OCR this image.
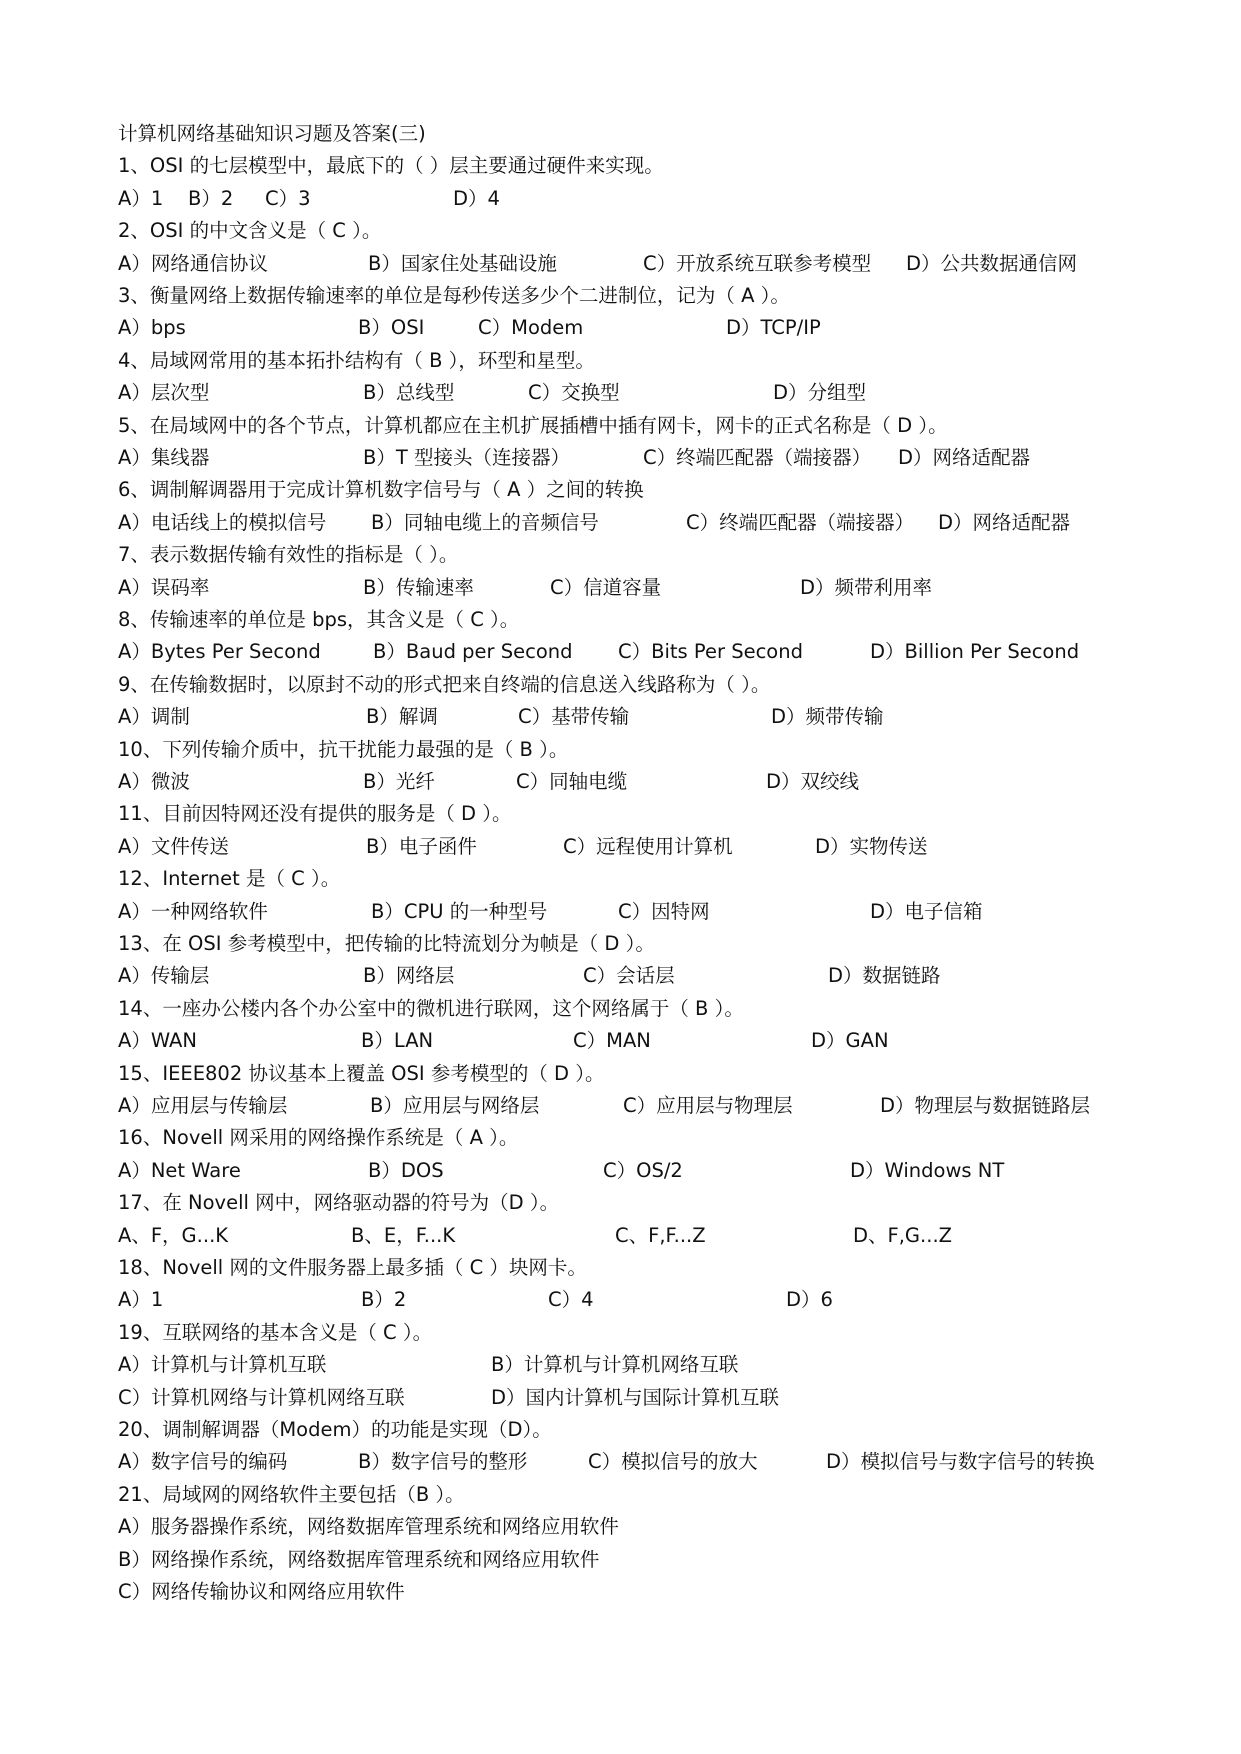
计算机网络基础知识习题及答案(三)
1、OSI 的七层模型中，最底下的（ ）层主要通过硬件来实现。
A）1 B）2 C）3	D）4
2、OSI 的中文含义是（ C ）。
A）网络通信协议	B）国家住处基础设施	C）开放系统互联参考模型 D）公共数据通信网
3、衡量网络上数据传输速率的单位是每秒传送多少个二进制位，记为（ A ）。
A）bps	B）OSI	C）Modem	D）TCP/IP
4、局域网常用的基本拓扑结构有（ B ），环型和星型。
A）层次型	B）总线型	C）交换型	D）分组型
5、在局域网中的各个节点，计算机都应在主机扩展插槽中插有网卡，网卡的正式名称是（ D ）。
A）集线器	B）T 型接头（连接器）	C）终端匹配器（端接器） D）网络适配器
6、调制解调器用于完成计算机数字信号与（ A ）之间的转换
A）电话线上的模拟信号 B）同轴电缆上的音频信号	C）终端匹配器（端接器） D）网络适配器
7、表示数据传输有效性的指标是（ ）。
A）误码率	B）传输速率	C）信道容量	D）频带利用率
8、传输速率的单位是 bps，其含义是（ C ）。
A）Bytes Per Second	B）Baud per Second C）Bits Per Second	D）Billion Per Second
9、在传输数据时，以原封不动的形式把来自终端的信息送入线路称为（ ）。
A）调制	B）解调	C）基带传输	D）频带传输
10、下列传输介质中，抗干扰能力最强的是（ B ）。
A）微波	B）光纤	C）同轴电缆	D）双绞线
11、目前因特网还没有提供的服务是（ D ）。
A）文件传送	B）电子函件	C）远程使用计算机	D）实物传送
12、Internet 是（ C ）。
A）一种网络软件	B）CPU 的一种型号	C）因特网	D）电子信箱
13、在 OSI 参考模型中，把传输的比特流划分为帧是（ D ）。
A）传输层	B）网络层	C）会话层	D）数据链路
14、一座办公楼内各个办公室中的微机进行联网，这个网络属于（ B ）。
A）WAN	B）LAN	C）MAN	D）GAN
15、IEEE802 协议基本上覆盖 OSI 参考模型的（ D ）。
A）应用层与传输层	B）应用层与网络层	C）应用层与物理层	D）物理层与数据链路层
16、Novell 网采用的网络操作系统是（ A ）。
A）Net Ware	B）DOS	C）OS/2	D）Windows NT
17、在 Novell 网中，网络驱动器的符号为（D ）。
A、F，G...K	B、E，F...K	C、F,F...Z	D、F,G...Z
18、Novell 网的文件服务器上最多插（ C ）块网卡。
A）1	B）2	C）4	D）6
19、互联网络的基本含义是（ C ）。
A）计算机与计算机互联	B）计算机与计算机网络互联
C）计算机网络与计算机网络互联	D）国内计算机与国际计算机互联
20、调制解调器（Modem）的功能是实现（D）。
A）数字信号的编码	B）数字信号的整形	C）模拟信号的放大	D）模拟信号与数字信号的转换
21、局域网的网络软件主要包括（B ）。
A）服务器操作系统，网络数据库管理系统和网络应用软件
B）网络操作系统，网络数据库管理系统和网络应用软件
C）网络传输协议和网络应用软件
